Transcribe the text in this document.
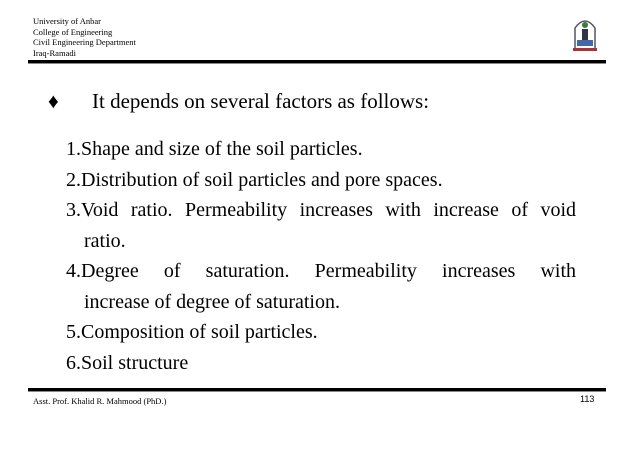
University of Anbar
College of Engineering
Civil Engineering Department
Iraq-Ramadi
♦ It depends on several factors as follows:
1.Shape and size of the soil particles.
2.Distribution of soil particles and pore spaces.
3.Void ratio. Permeability increases with increase of void
ratio.
4.Degree of saturation. Permeability increases with
increase of degree of saturation.
5.Composition of soil particles.
6.Soil structure
Asst. Prof. Khalid R. Mahmood (PhD.)	113
